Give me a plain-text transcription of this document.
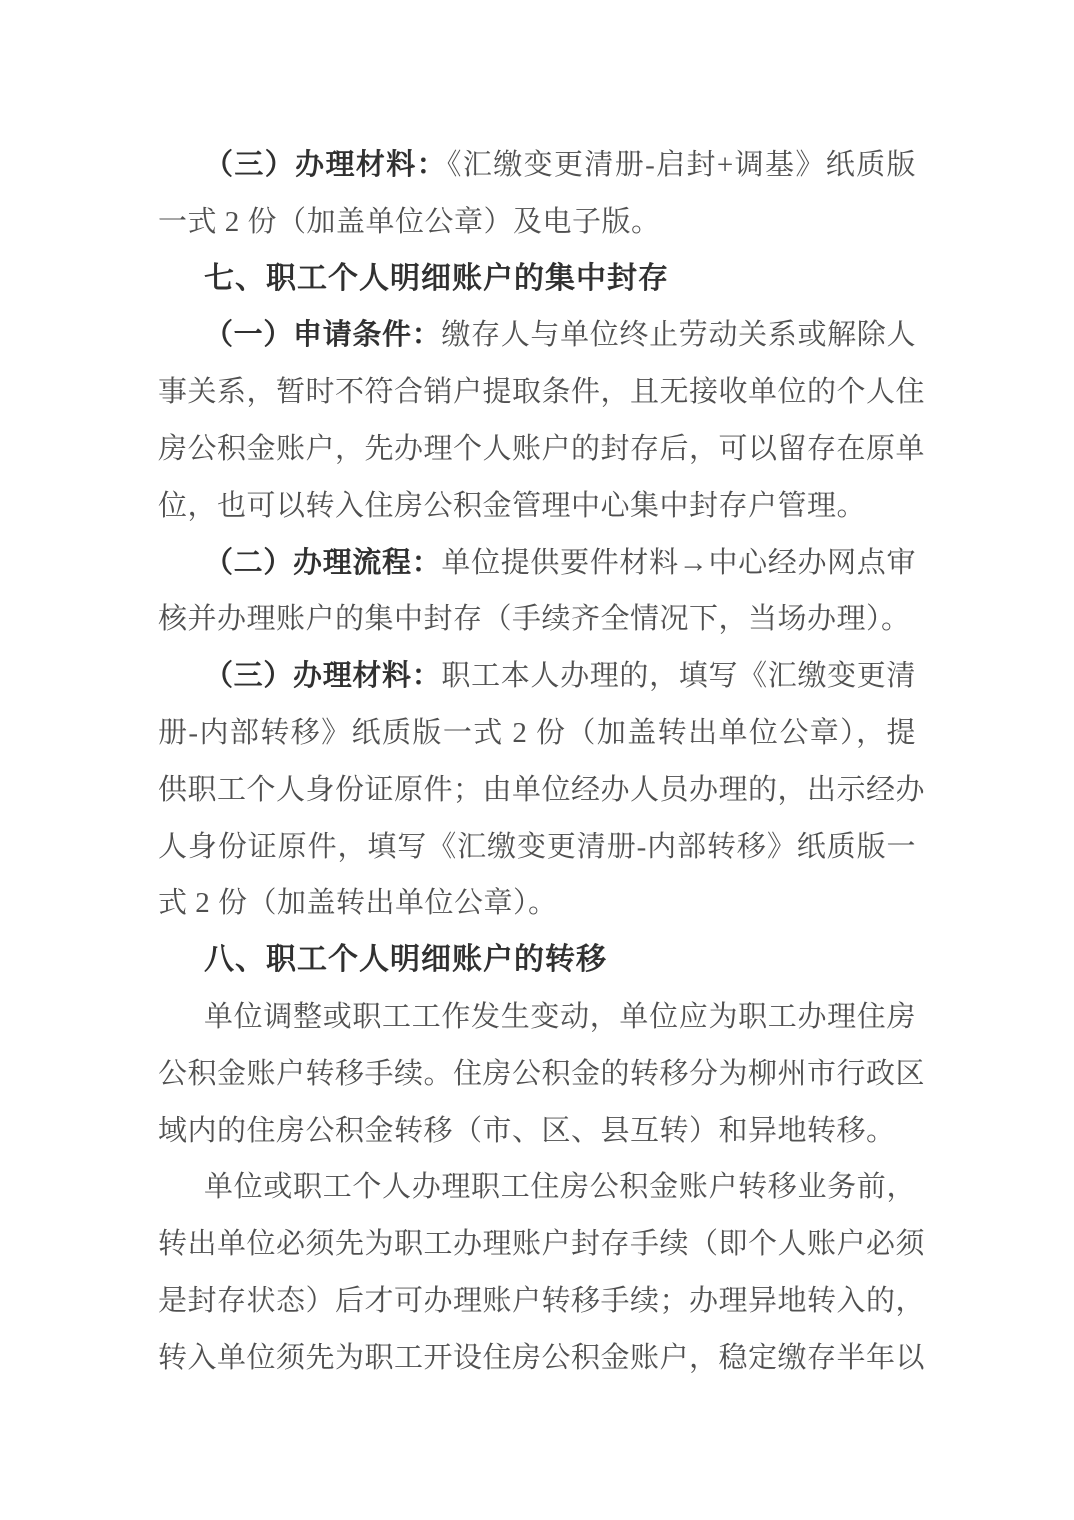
（三）办理材料：《汇缴变更清册-启封+调基》纸质版
一式 2 份（加盖单位公章）及电子版。
七、职工个人明细账户的集中封存
（一）申请条件：缴存人与单位终止劳动关系或解除人
事关系，暂时不符合销户提取条件，且无接收单位的个人住
房公积金账户，先办理个人账户的封存后，可以留存在原单
位，也可以转入住房公积金管理中心集中封存户管理。
（二）办理流程：单位提供要件材料→中心经办网点审
核并办理账户的集中封存（手续齐全情况下，当场办理）。
（三）办理材料：职工本人办理的，填写《汇缴变更清
册-内部转移》纸质版一式 2 份（加盖转出单位公章），提
供职工个人身份证原件；由单位经办人员办理的，出示经办
人身份证原件，填写《汇缴变更清册-内部转移》纸质版一
式 2 份（加盖转出单位公章）。
八、职工个人明细账户的转移
单位调整或职工工作发生变动，单位应为职工办理住房
公积金账户转移手续。住房公积金的转移分为柳州市行政区
域内的住房公积金转移（市、区、县互转）和异地转移。
单位或职工个人办理职工住房公积金账户转移业务前，
转出单位必须先为职工办理账户封存手续（即个人账户必须
是封存状态）后才可办理账户转移手续；办理异地转入的，
转入单位须先为职工开设住房公积金账户，稳定缴存半年以
